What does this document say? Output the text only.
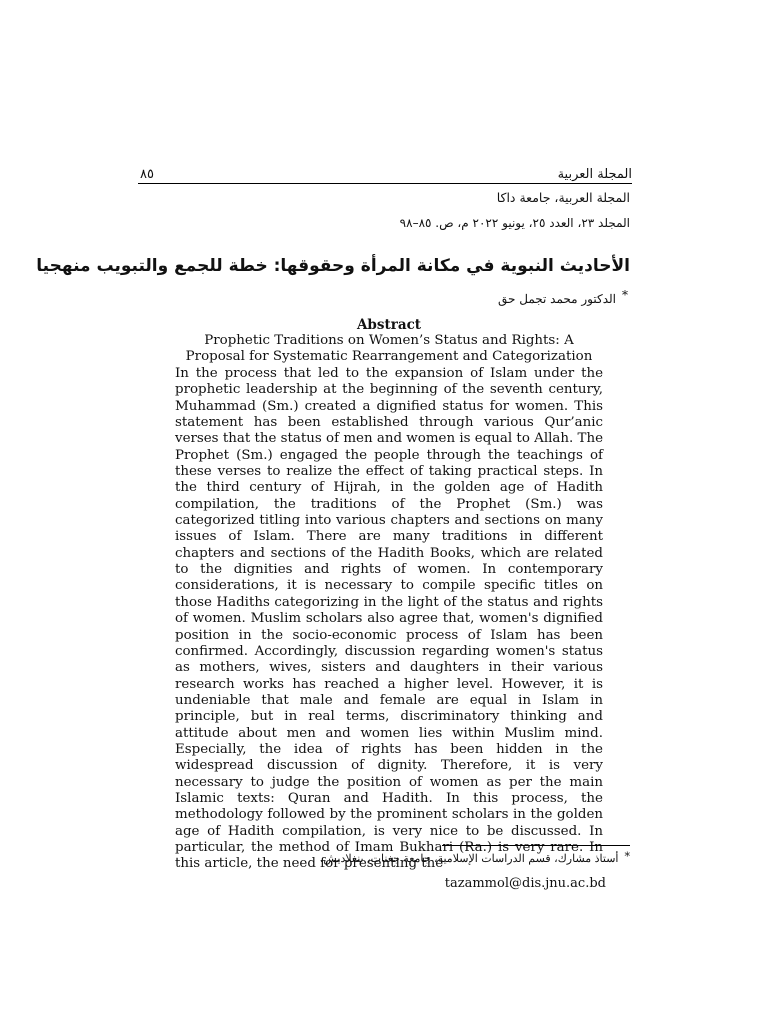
٨٥	المجلة العربية
المجلة العربية، جامعة داكا
المجلد ٢٣، العدد ٢٥، يونيو ٢٠٢٢ م، ص. ٨٥–٩٨
الأحاديث النبوية في مكانة المرأة وحقوقها: خطة للجمع والتبويب منهجيا
الدكتور محمد تجمل حق *
Abstract
Prophetic Traditions on Women’s Status and Rights: A Proposal for Systematic Rearrangement and Categorization
In the process that led to the expansion of Islam under the prophetic leadership at the beginning of the seventh century, Muhammad (Sm.) created a dignified status for women. This statement has been established through various Qur’anic verses that the status of men and women is equal to Allah. The Prophet (Sm.) engaged the people through the teachings of these verses to realize the effect of taking practical steps. In the third century of Hijrah, in the golden age of Hadith compilation, the traditions of the Prophet (Sm.) was categorized titling into various chapters and sections on many issues of Islam. There are many traditions in different chapters and sections of the Hadith Books, which are related to the dignities and rights of women. In contemporary considerations, it is necessary to compile specific titles on those Hadiths categorizing in the light of the status and rights of women. Muslim scholars also agree that, women's dignified position in the socio-economic process of Islam has been confirmed. Accordingly, discussion regarding women's status as mothers, wives, sisters and daughters in their various research works has reached a higher level. However, it is undeniable that male and female are equal in Islam in principle, but in real terms, discriminatory thinking and attitude about men and women lies within Muslim mind. Especially, the idea of rights has been hidden in the widespread discussion of dignity. Therefore, it is very necessary to judge the position of women as per the main Islamic texts: Quran and Hadith. In this process, the methodology followed by the prominent scholars in the golden age of Hadith compilation, is very nice to be discussed. In particular, the method of Imam Bukhari (Ra.) is very rare. In this article, the need for presenting the
أستاذ مشارك، قسم الدراسات الإسلامية، جامعة جغنات، بنغلاديش. *
tazammol@dis.jnu.ac.bd
